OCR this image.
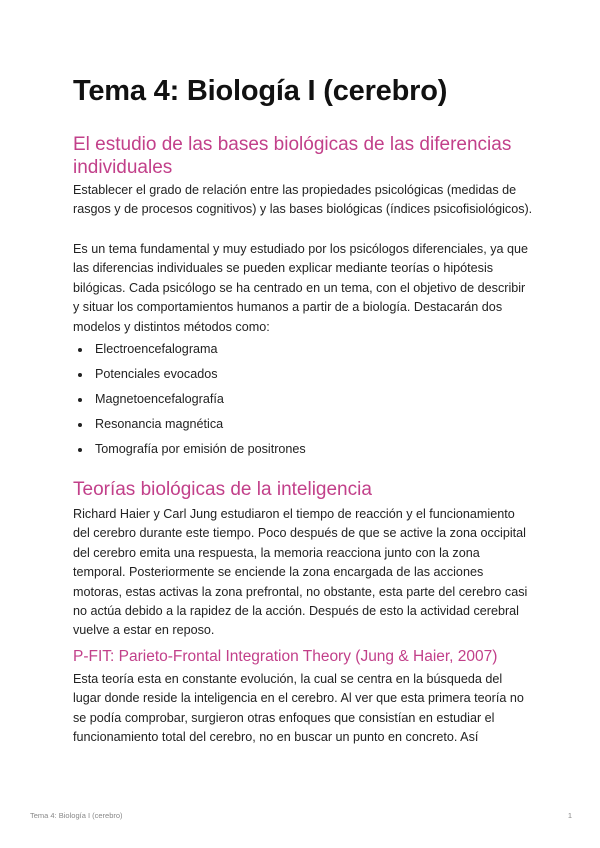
Tema 4: Biología I (cerebro)
El estudio de las bases biológicas de las diferencias individuales

Establecer el grado de relación entre las propiedades psicológicas (medidas de rasgos y de procesos cognitivos) y las bases biológicas (índices psicofisiológicos).

Es un tema fundamental y muy estudiado por los psicólogos diferenciales, ya que las diferencias individuales se pueden explicar mediante teorías o hipótesis bilógicas. Cada psicólogo se ha centrado en un tema, con el objetivo de describir y situar los comportamientos humanos a partir de a biología. Destacarán dos modelos y distintos métodos como:

Electroencefalograma
Potenciales evocados
Magnetoencefalografía
Resonancia magnética
Tomografía por emisión de positrones
Teorías biológicas de la inteligencia

Richard Haier y Carl Jung estudiaron el tiempo de reacción y el funcionamiento del cerebro durante este tiempo. Poco después de que se active la zona occipital del cerebro emita una respuesta, la memoria reacciona junto con la zona temporal. Posteriormente se enciende la zona encargada de las acciones motoras, estas activas la zona prefrontal, no obstante, esta parte del cerebro casi no actúa debido a la rapidez de la acción. Después de esto la actividad cerebral vuelve a estar en reposo.

P-FIT: Parieto-Frontal Integration Theory (Jung & Haier, 2007)

Esta teoría esta en constante evolución, la cual se centra en la búsqueda del lugar donde reside la inteligencia en el cerebro. Al ver que esta primera teoría no se podía comprobar, surgieron otras enfoques que consistían en estudiar el funcionamiento total del cerebro, no en buscar un punto en concreto. Así

Tema 4: Biología I (cerebro)	1
